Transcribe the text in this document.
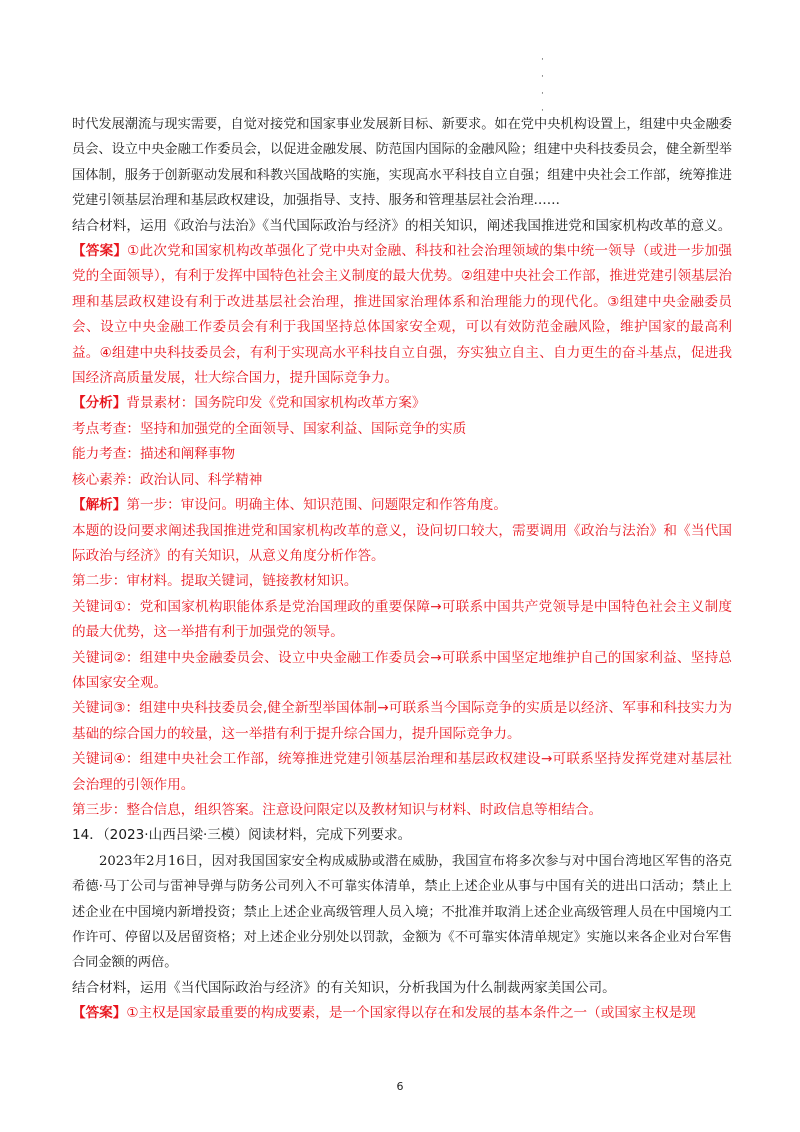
· · · ·

时代发展潮流与现实需要，自觉对接党和国家事业发展新目标、新要求。如在党中央机构设置上，组建中央金融委员会、设立中央金融工作委员会，以促进金融发展、防范国内国际的金融风险；组建中央科技委员会，健全新型举国体制，服务于创新驱动发展和科教兴国战略的实施，实现高水平科技自立自强；组建中央社会工作部，统筹推进党建引领基层治理和基层政权建设，加强指导、支持、服务和管理基层社会治理……

结合材料，运用《政治与法治》《当代国际政治与经济》的相关知识，阐述我国推进党和国家机构改革的意义。

【答案】①此次党和国家机构改革强化了党中央对金融、科技和社会治理领域的集中统一领导（或进一步加强党的全面领导），有利于发挥中国特色社会主义制度的最大优势。②组建中央社会工作部，推进党建引领基层治理和基层政权建设有利于改进基层社会治理，推进国家治理体系和治理能力的现代化。③组建中央金融委员会、设立中央金融工作委员会有利于我国坚持总体国家安全观，可以有效防范金融风险，维护国家的最高利益。④组建中央科技委员会，有利于实现高水平科技自立自强，夯实独立自主、自力更生的奋斗基点，促进我国经济高质量发展，壮大综合国力，提升国际竞争力。

【分析】背景素材：国务院印发《党和国家机构改革方案》

考点考查：坚持和加强党的全面领导、国家利益、国际竞争的实质

能力考查：描述和阐释事物

核心素养：政治认同、科学精神

【解析】第一步：审设问。明确主体、知识范围、问题限定和作答角度。

本题的设问要求阐述我国推进党和国家机构改革的意义，设问切口较大，需要调用《政治与法治》和《当代国际政治与经济》的有关知识，从意义角度分析作答。

第二步：审材料。提取关键词，链接教材知识。

关键词①：党和国家机构职能体系是党治国理政的重要保障→可联系中国共产党领导是中国特色社会主义制度的最大优势，这一举措有利于加强党的领导。

关键词②：组建中央金融委员会、设立中央金融工作委员会→可联系中国坚定地维护自己的国家利益、坚持总体国家安全观。

关键词③：组建中央科技委员会,健全新型举国体制→可联系当今国际竞争的实质是以经济、军事和科技实力为基础的综合国力的较量，这一举措有利于提升综合国力，提升国际竞争力。

关键词④：组建中央社会工作部，统筹推进党建引领基层治理和基层政权建设→可联系坚持发挥党建对基层社会治理的引领作用。

第三步：整合信息，组织答案。注意设问限定以及教材知识与材料、时政信息等相结合。

14．（2023·山西吕梁·三模）阅读材料，完成下列要求。

2023年2月16日，因对我国国家安全构成威胁或潜在威胁，我国宣布将多次参与对中国台湾地区军售的洛克希德·马丁公司与雷神导弹与防务公司列入不可靠实体清单，禁止上述企业从事与中国有关的进出口活动；禁止上述企业在中国境内新增投资；禁止上述企业高级管理人员入境；不批准并取消上述企业高级管理人员在中国境内工作许可、停留以及居留资格；对上述企业分别处以罚款，金额为《不可靠实体清单规定》实施以来各企业对台军售合同金额的两倍。

结合材料，运用《当代国际政治与经济》的有关知识，分析我国为什么制裁两家美国公司。

【答案】①主权是国家最重要的构成要素，是一个国家得以存在和发展的基本条件之一（或国家主权是现

6
